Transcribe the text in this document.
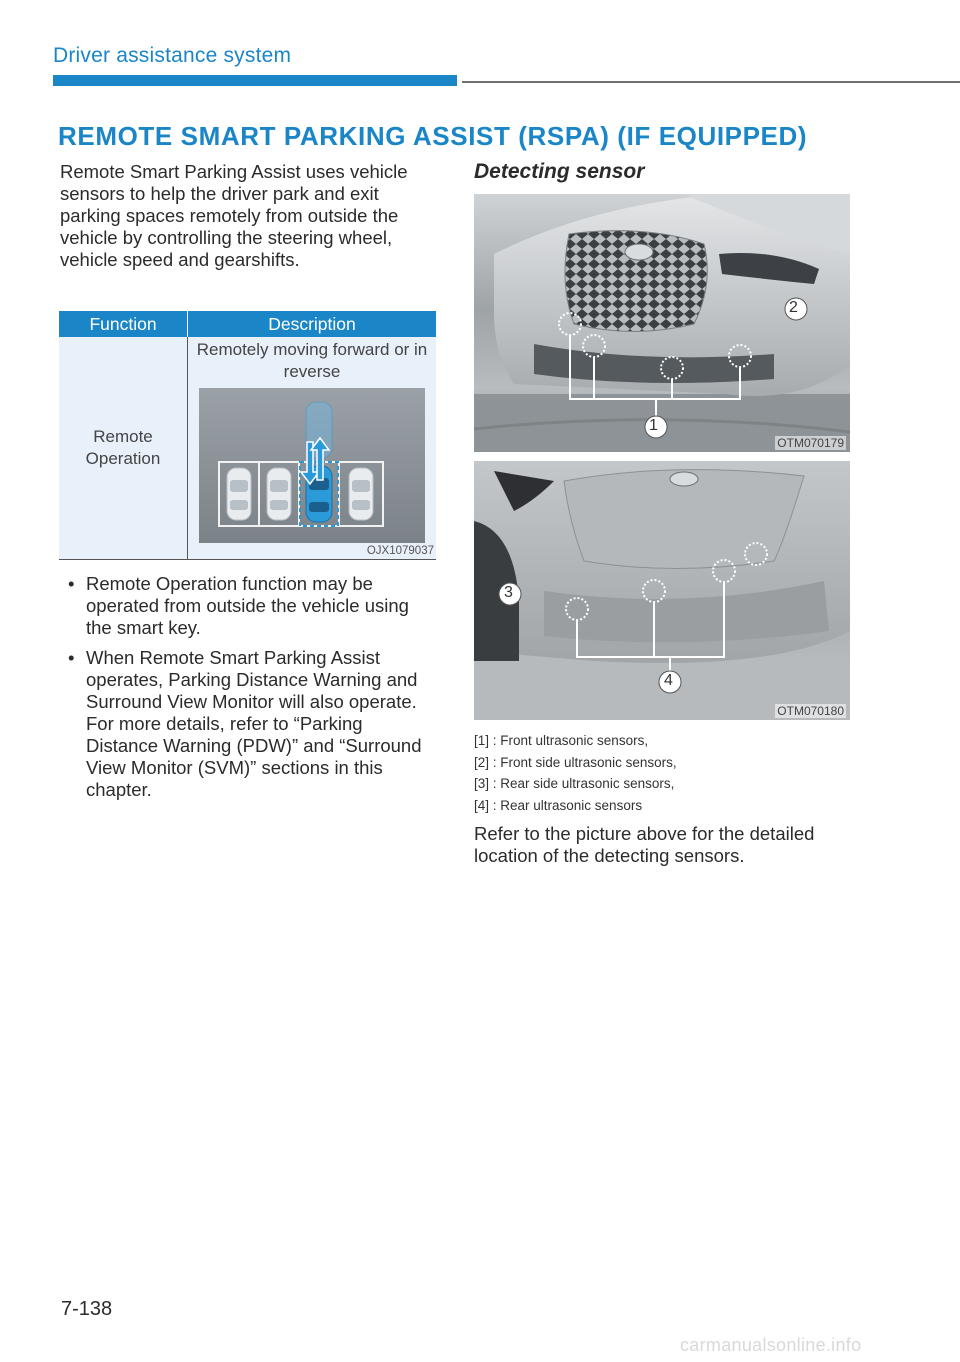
Driver assistance system
REMOTE SMART PARKING ASSIST (RSPA) (IF EQUIPPED)
Remote Smart Parking Assist uses vehicle sensors to help the driver park and exit parking spaces remotely from outside the vehicle by controlling the steering wheel, vehicle speed and gearshifts.
Function	Description

Remote Operation	Remotely moving forward or in reverse
OJX1079037
• Remote Operation function may be operated from outside the vehicle using the smart key.
• When Remote Smart Parking Assist operates, Parking Distance Warning and Surround View Monitor will also operate. For more details, refer to “Parking Distance Warning (PDW)” and “Surround View Monitor (SVM)” sections in this chapter.
Detecting sensor
1
2
OTM070179
3
4
OTM070180
[1] : Front ultrasonic sensors,
[2] : Front side ultrasonic sensors,
[3] : Rear side ultrasonic sensors,
[4] : Rear ultrasonic sensors
Refer to the picture above for the detailed location of the detecting sensors.
7-138
carmanualsonline.info
